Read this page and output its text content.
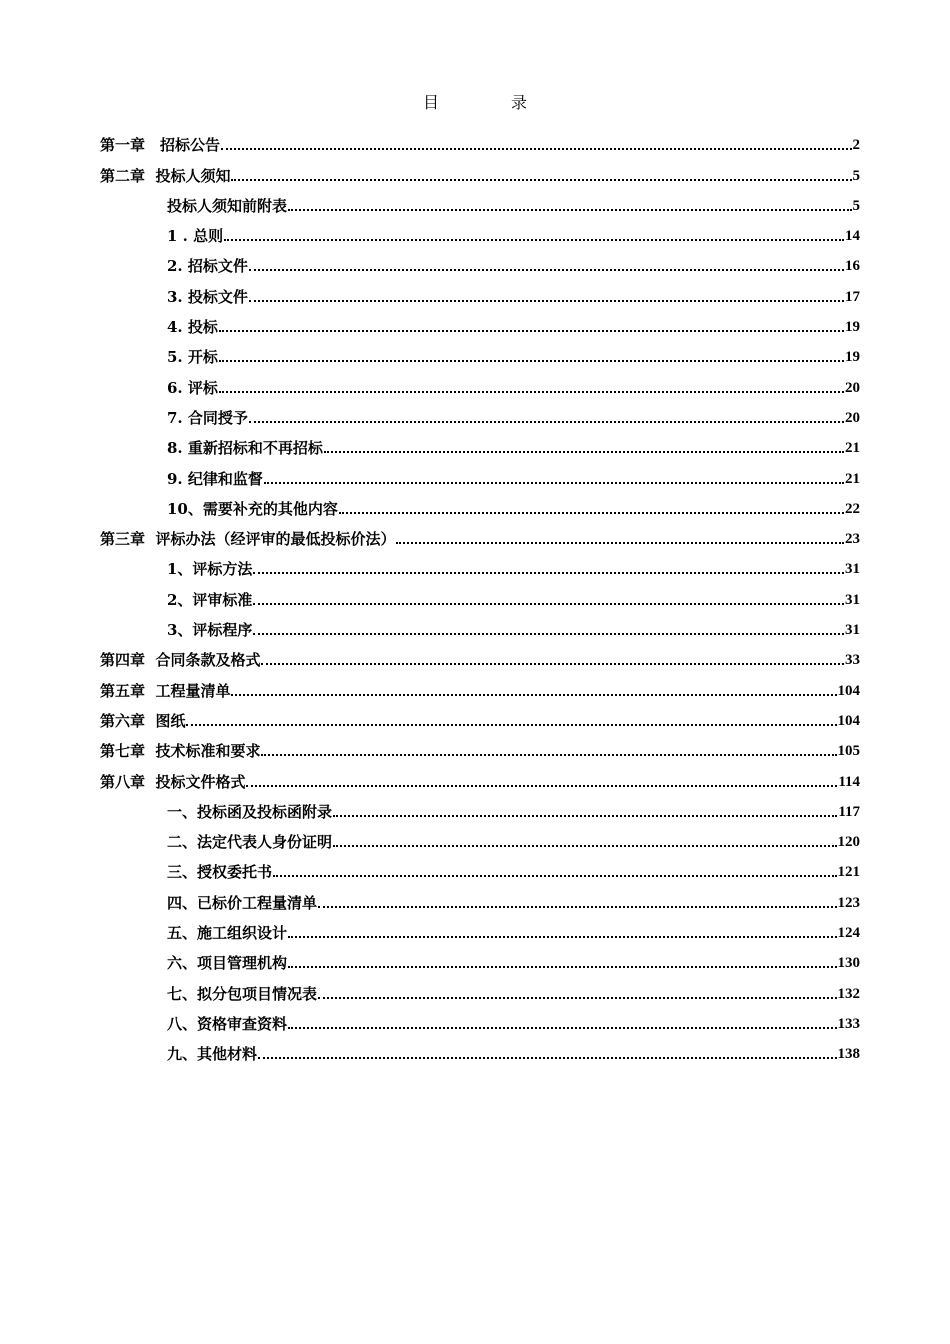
目　录
第一章　招标公告	2
第二章  投标人须知	5
投标人须知前附表	5
1 . 总则	14
2. 招标文件	16
3. 投标文件	17
4. 投标	19
5. 开标	19
6. 评标	20
7. 合同授予	20
8. 重新招标和不再招标	21
9. 纪律和监督	21
10、需要补充的其他内容	22
第三章  评标办法（经评审的最低投标价法）	23
1、评标方法	31
2、评审标准	31
3、评标程序	31
第四章  合同条款及格式	33
第五章  工程量清单	104
第六章  图纸	104
第七章  技术标准和要求	105
第八章  投标文件格式	114
一、投标函及投标函附录	117
二、法定代表人身份证明	120
三、授权委托书	121
四、已标价工程量清单	123
五、施工组织设计	124
六、项目管理机构	130
七、拟分包项目情况表	132
八、资格审查资料	133
九、其他材料	138
